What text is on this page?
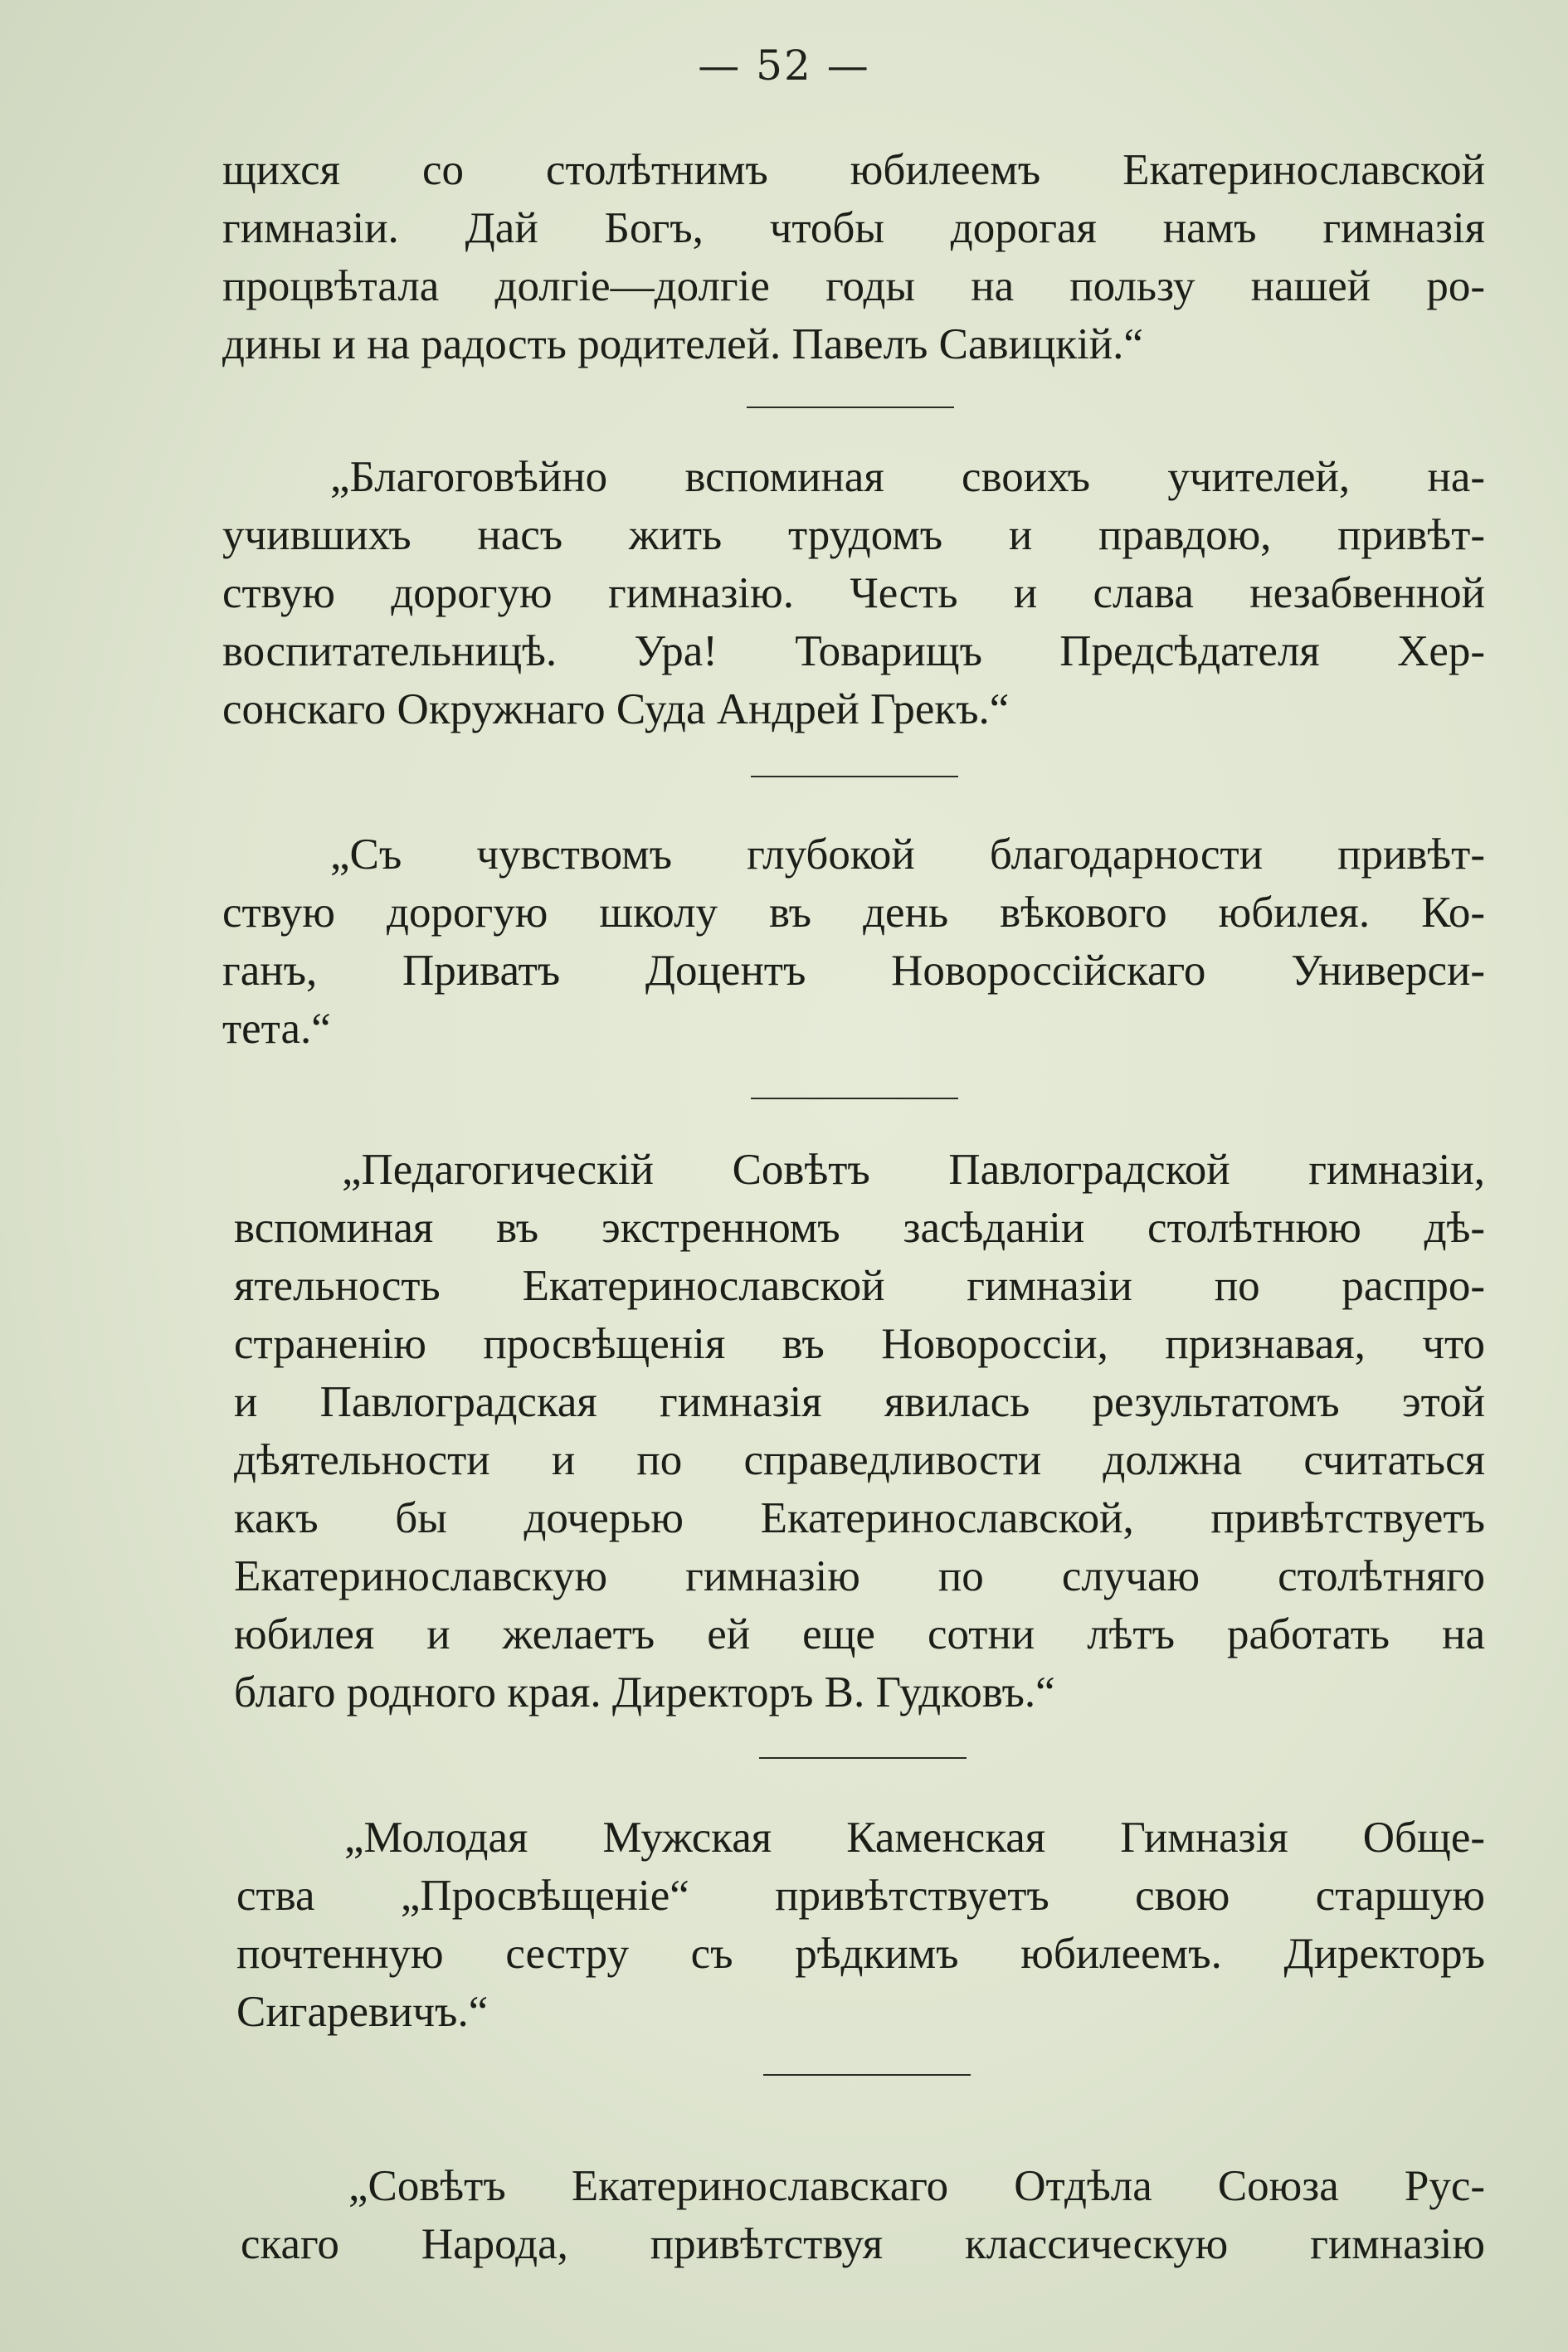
— 52 —
щихся со столѣтнимъ юбилеемъ Екатеринославской
гимназіи. Дай Богъ, чтобы дорогая намъ гимназія
процвѣтала долгіе—долгіе годы на пользу нашей ро-
дины и на радость родителей. Павелъ Савицкій.“
„Благоговѣйно вспоминая своихъ учителей, на-
учившихъ насъ жить трудомъ и правдою, привѣт-
ствую дорогую гимназію. Честь и слава незабвенной
воспитательницѣ. Ура! Товарищъ Предсѣдателя Хер-
сонскаго Окружнаго Суда Андрей Грекъ.“
„Съ чувствомъ глубокой благодарности привѣт-
ствую дорогую школу въ день вѣкового юбилея. Ко-
ганъ, Приватъ Доцентъ Новороссійскаго Универси-
тета.“
„Педагогическій Совѣтъ Павлоградской гимназіи,
вспоминая въ экстренномъ засѣданіи столѣтнюю дѣ-
ятельность Екатеринославской гимназіи по распро-
страненію просвѣщенія въ Новороссіи, признавая, что
и Павлоградская гимназія явилась результатомъ этой
дѣятельности и по справедливости должна считаться
какъ бы дочерью Екатеринославской, привѣтствуетъ
Екатеринославскую гимназію по случаю столѣтняго
юбилея и желаетъ ей еще сотни лѣтъ работать на
благо родного края. Директоръ В. Гудковъ.“
„Молодая Мужская Каменская Гимназія Обще-
ства „Просвѣщеніе“ привѣтствуетъ свою старшую
почтенную сестру съ рѣдкимъ юбилеемъ. Директоръ
Сигаревичъ.“
„Совѣтъ Екатеринославскаго Отдѣла Союза Рус-
скаго Народа, привѣтствуя классическую гимназію
